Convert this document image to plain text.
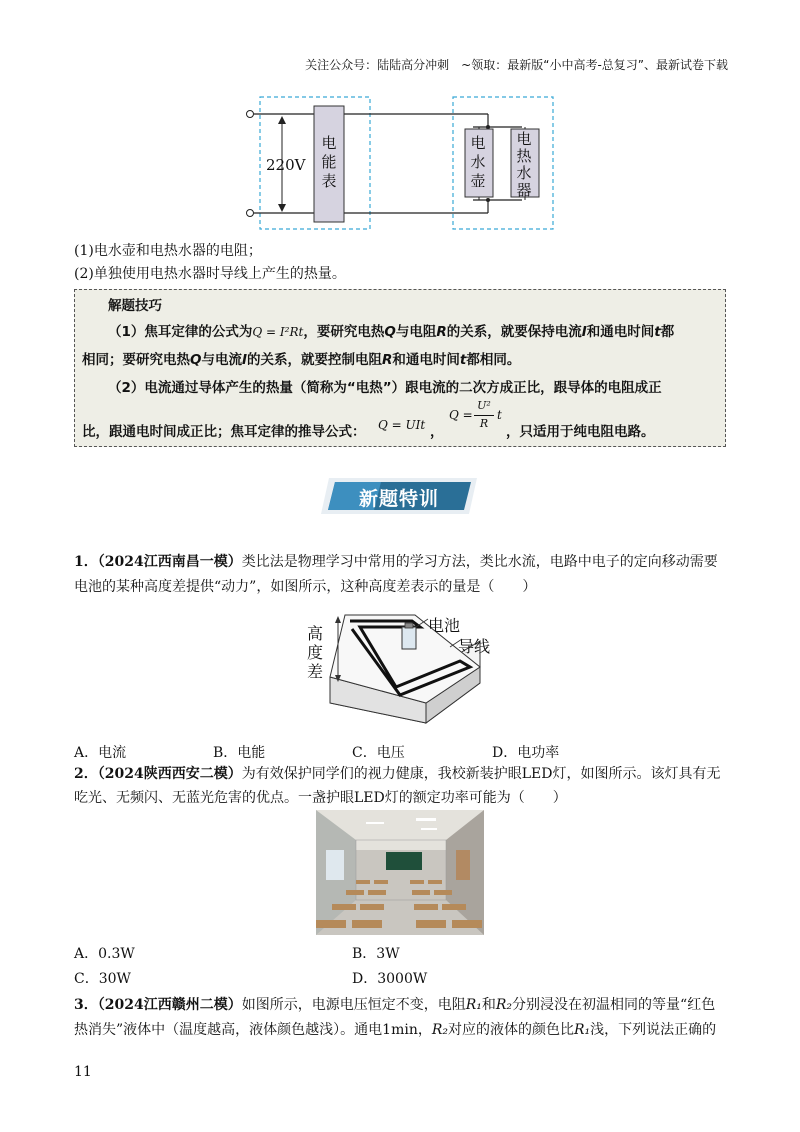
关注公众号：陆陆高分冲刺　~领取：最新版“小中高考-总复习”、最新试卷下载
220V
电
能
表
电
水
壶
电
热
水
器
(1)电水壶和电热水器的电阻；
(2)单独使用电热水器时导线上产生的热量。
解题技巧
（1）焦耳定律的公式为Q = I²Rt，要研究电热Q与电阻R的关系，就要保持电流I和通电时间t都
相同；要研究电热Q与电流I的关系，就要控制电阻R和通电时间t都相同。
（2）电流通过导体产生的热量（简称为“电热”）跟电流的二次方成正比，跟导体的电阻成正
比，跟通电时间成正比；焦耳定律的推导公式： Q = UIt ，
Q =
U²
R
t
，只适用于纯电阻电路。
新题特训
1．（2024江西南昌一模）类比法是物理学习中常用的学习方法，类比水流，电路中电子的定向移动需要
电池的某种高度差提供“动力”，如图所示，这种高度差表示的量是（　　）
高
度
差
电池
导线
A．电流	B．电能	C．电压	D．电功率
2．（2024陕西西安二模）为有效保护同学们的视力健康，我校新装护眼LED灯，如图所示。该灯具有无
吃光、无频闪、无蓝光危害的优点。一盏护眼LED灯的额定功率可能为（　　）
A．0.3W	B．3W
C．30W	D．3000W
3．（2024江西赣州二模）如图所示，电源电压恒定不变，电阻R₁和R₂分别浸没在初温相同的等量“红色
热消失”液体中（温度越高，液体颜色越浅）。通电1min，R₂对应的液体的颜色比R₁浅，下列说法正确的
11
